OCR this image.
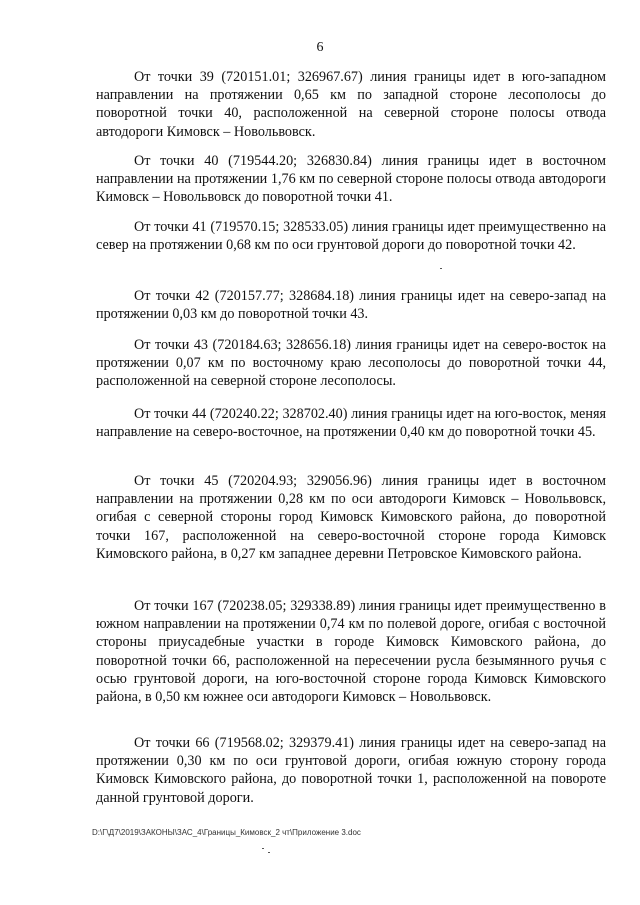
6

От точки 39 (720151.01; 326967.67) линия границы идет в юго-западном направлении на протяжении 0,65 км по западной стороне лесополосы до поворотной точки 40, расположенной на северной стороне полосы отвода автодороги Кимовск – Новольвовск.

От точки 40 (719544.20; 326830.84) линия границы идет в восточном направлении на протяжении 1,76 км по северной стороне полосы отвода автодороги Кимовск – Новольвовск до поворотной точки 41.

От точки 41 (719570.15; 328533.05) линия границы идет преимущественно на север на протяжении 0,68 км по оси грунтовой дороги до поворотной точки 42.

От точки 42 (720157.77; 328684.18) линия границы идет на северо-запад на протяжении 0,03 км до поворотной точки 43.

От точки 43 (720184.63; 328656.18) линия границы идет на северо-восток на протяжении 0,07 км по восточному краю лесополосы до поворотной точки 44, расположенной на северной стороне лесополосы.

От точки 44 (720240.22; 328702.40) линия границы идет на юго-восток, меняя направление на северо-восточное, на протяжении 0,40 км до поворотной точки 45.

От точки 45 (720204.93; 329056.96) линия границы идет в восточном направлении на протяжении 0,28 км по оси автодороги Кимовск – Новольвовск, огибая с северной стороны город Кимовск Кимовского района, до поворотной точки 167, расположенной на северо-восточной стороне города Кимовск Кимовского района, в 0,27 км западнее деревни Петровское Кимовского района.

От точки 167 (720238.05; 329338.89) линия границы идет преимущественно в южном направлении на протяжении 0,74 км по полевой дороге, огибая с восточной стороны приусадебные участки в городе Кимовск Кимовского района, до поворотной точки 66, расположенной на пересечении русла безымянного ручья с осью грунтовой дороги, на юго-восточной стороне города Кимовск Кимовского района, в 0,50 км южнее оси автодороги Кимовск – Новольвовск.

От точки 66 (719568.02; 329379.41) линия границы идет на северо-запад на протяжении 0,30 км по оси грунтовой дороги, огибая южную сторону города Кимовск Кимовского района, до поворотной точки 1, расположенной на повороте данной грунтовой дороги.

D:\Г\Д7\2019\ЗАКОНЫ\ЗАС_4\Границы_Кимовск_2 чт\Приложение 3.doc
